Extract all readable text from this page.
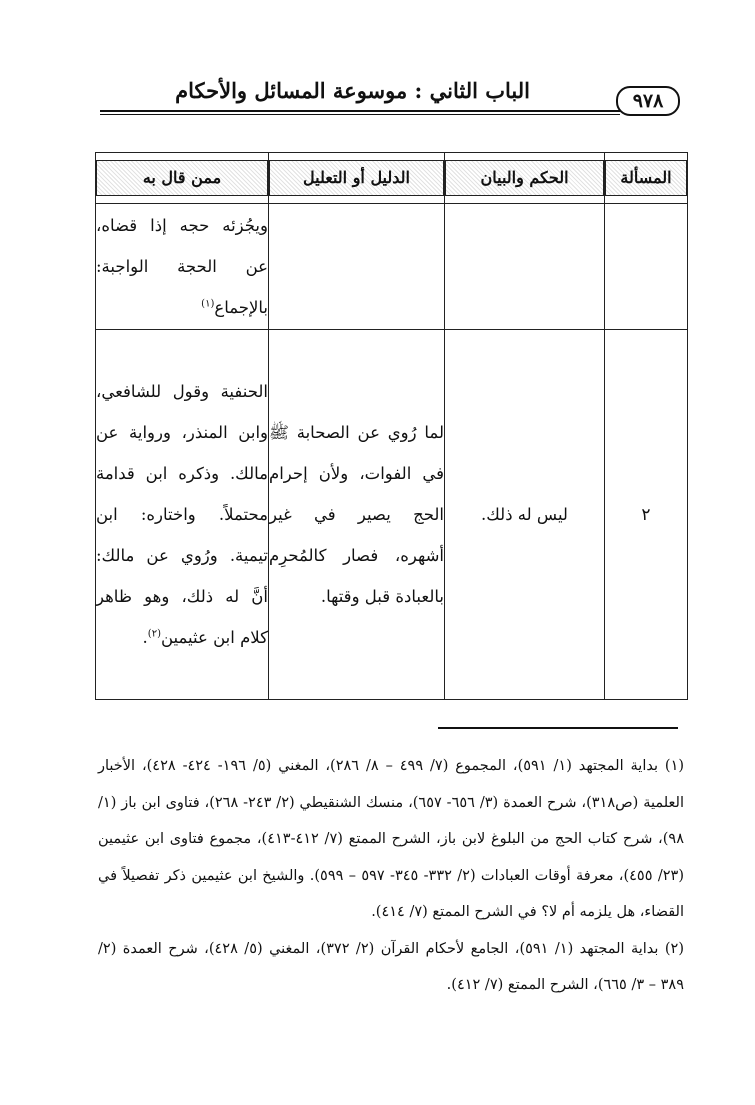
الباب الثاني : موسوعة المسائل والأحكام	٩٧٨
المسألة	الحكم والبيان	الدليل أو التعليل	ممن قال به

			ويجُزئه حجه إذا قضاه، عن الحجة الواجبة: بالإجماع$^{(١)}$
٢	ليس له ذلك.	لما رُوي عن الصحابة ﷺ في الفوات، ولأن إحرام الحج يصير في غير أشهره، فصار كالمُحرِم بالعبادة قبل وقتها.	الحنفية وقول للشافعي، وابن المنذر، ورواية عن مالك. وذكره ابن قدامة محتملاً. واختاره: ابن تيمية. ورُوي عن مالك: أنَّ له ذلك، وهو ظاهر كلام ابن عثيمين$^{(٢)}$.

(١) بداية المجتهد (١/ ٥٩١)، المجموع (٧/ ٤٩٩ – ٨/ ٢٨٦)، المغني (٥/ ١٩٦- ٤٢٤- ٤٢٨)، الأخبار العلمية (ص٣١٨)، شرح العمدة (٣/ ٦٥٦- ٦٥٧)، منسك الشنقيطي (٢/ ٢٤٣- ٢٦٨)، فتاوى ابن باز (١/ ٩٨)، شرح كتاب الحج من البلوغ لابن باز، الشرح الممتع (٧/ ٤١٢-٤١٣)، مجموع فتاوى ابن عثيمين (٢٣/ ٤٥٥)، معرفة أوقات العبادات (٢/ ٣٣٢- ٣٤٥- ٥٩٧ – ٥٩٩). والشيخ ابن عثيمين ذكر تفصيلاً في القضاء، هل يلزمه أم لا؟ في الشرح الممتع (٧/ ٤١٤).

(٢) بداية المجتهد (١/ ٥٩١)، الجامع لأحكام القرآن (٢/ ٣٧٢)، المغني (٥/ ٤٢٨)، شرح العمدة (٢/ ٣٨٩ – ٣/ ٦٦٥)، الشرح الممتع (٧/ ٤١٢).
